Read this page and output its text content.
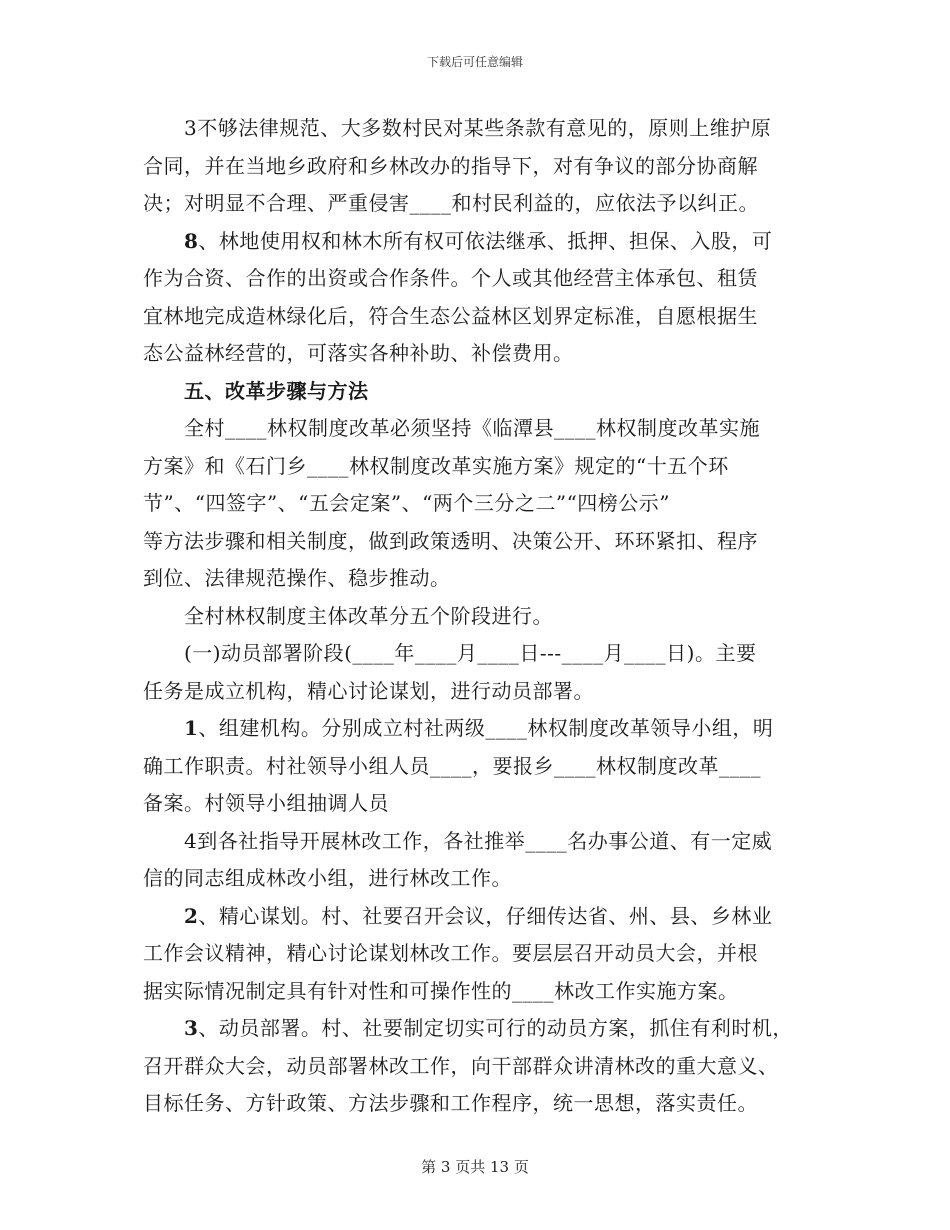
下载后可任意编辑
3不够法律规范、大多数村民对某些条款有意见的，原则上维护原
合同，并在当地乡政府和乡林改办的指导下，对有争议的部分协商解
决；对明显不合理、严重侵害____和村民利益的，应依法予以纠正。
8、林地使用权和林木所有权可依法继承、抵押、担保、入股，可
作为合资、合作的出资或合作条件。个人或其他经营主体承包、租赁
宜林地完成造林绿化后，符合生态公益林区划界定标准，自愿根据生
态公益林经营的，可落实各种补助、补偿费用。
五、改革步骤与方法
全村____林权制度改革必须坚持《临潭县____林权制度改革实施
方案》和《石门乡____林权制度改革实施方案》规定的“十五个环
节”、“四签字”、“五会定案”、“两个三分之二”“四榜公示”
等方法步骤和相关制度，做到政策透明、决策公开、环环紧扣、程序
到位、法律规范操作、稳步推动。
全村林权制度主体改革分五个阶段进行。
(一)动员部署阶段(____年____月____日---____月____日)。主要
任务是成立机构，精心讨论谋划，进行动员部署。
1、组建机构。分别成立村社两级____林权制度改革领导小组，明
确工作职责。村社领导小组人员____，要报乡____林权制度改革____
备案。村领导小组抽调人员
4到各社指导开展林改工作，各社推举____名办事公道、有一定威
信的同志组成林改小组，进行林改工作。
2、精心谋划。村、社要召开会议，仔细传达省、州、县、乡林业
工作会议精神，精心讨论谋划林改工作。要层层召开动员大会，并根
据实际情况制定具有针对性和可操作性的____林改工作实施方案。
3、动员部署。村、社要制定切实可行的动员方案，抓住有利时机，
召开群众大会，动员部署林改工作，向干部群众讲清林改的重大意义、
目标任务、方针政策、方法步骤和工作程序，统一思想，落实责任。
第 3 页共 13 页
